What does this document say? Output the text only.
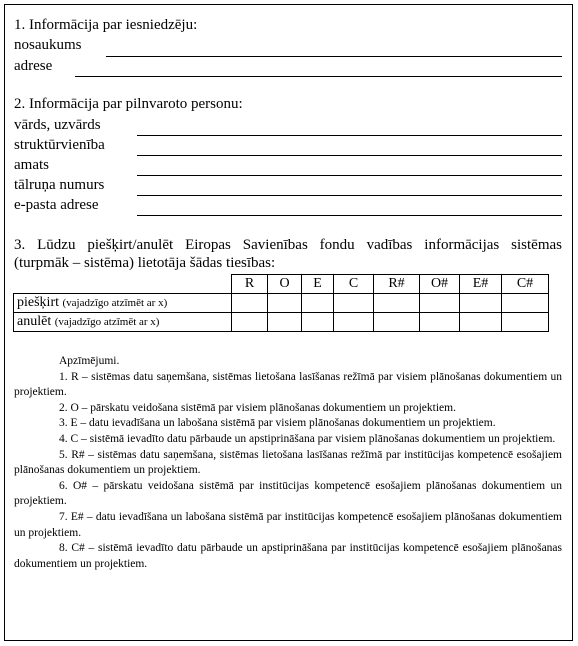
1. Informācija par iesniedzēju:
nosaukums
adrese
2. Informācija par pilnvaroto personu:
vārds, uzvārds
struktūrvienība
amats
tālruņa numurs
e-pasta adrese
3. Lūdzu piešķirt/anulēt Eiropas Savienības fondu vadības informācijas sistēmas
(turpmāk – sistēma) lietotāja šādas tiesības:
	R	O	E	C	R#	O#	E#	C#
piešķirt (vajadzīgo atzīmēt ar x)								
anulēt (vajadzīgo atzīmēt ar x)								

Apzīmējumi.

1. R – sistēmas datu saņemšana, sistēmas lietošana lasīšanas režīmā par visiem plānošanas dokumentiem un projektiem.

2. O – pārskatu veidošana sistēmā par visiem plānošanas dokumentiem un projektiem.

3. E – datu ievadīšana un labošana sistēmā par visiem plānošanas dokumentiem un projektiem.

4. C – sistēmā ievadīto datu pārbaude un apstiprināšana par visiem plānošanas dokumentiem un projektiem.

5. R# – sistēmas datu saņemšana, sistēmas lietošana lasīšanas režīmā par institūcijas kompetencē esošajiem plānošanas dokumentiem un projektiem.

6. O# – pārskatu veidošana sistēmā par institūcijas kompetencē esošajiem plānošanas dokumentiem un projektiem.

7. E# – datu ievadīšana un labošana sistēmā par institūcijas kompetencē esošajiem plānošanas dokumentiem un projektiem.

8. C# – sistēmā ievadīto datu pārbaude un apstiprināšana par institūcijas kompetencē esošajiem plānošanas dokumentiem un projektiem.
